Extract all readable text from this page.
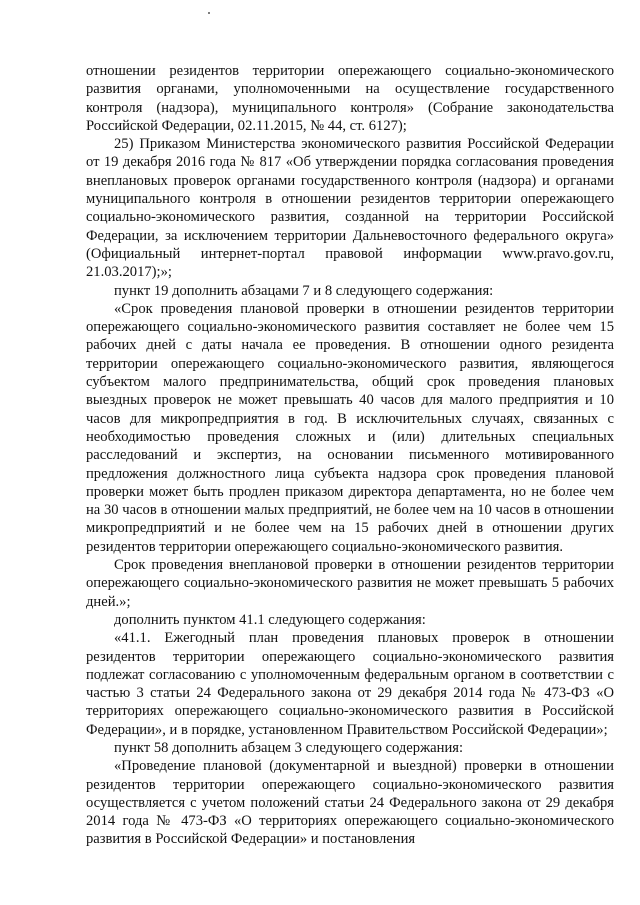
отношении резидентов территории опережающего социально-экономического развития органами, уполномоченными на осуществление государственного контроля (надзора), муниципального контроля» (Собрание законодательства Российской Федерации, 02.11.2015, № 44, ст. 6127);

25) Приказом Министерства экономического развития Российской Федерации от 19 декабря 2016 года № 817 «Об утверждении порядка согласования проведения внеплановых проверок органами государственного контроля (надзора) и органами муниципального контроля в отношении резидентов территории опережающего социально-экономического развития, созданной на территории Российской Федерации, за исключением территории Дальневосточного федерального округа» (Официальный интернет-портал правовой информации www.pravo.gov.ru, 21.03.2017);»;

пункт 19 дополнить абзацами 7 и 8 следующего содержания:

«Срок проведения плановой проверки в отношении резидентов территории опережающего социально-экономического развития составляет не более чем 15 рабочих дней с даты начала ее проведения. В отношении одного резидента территории опережающего социально-экономического развития, являющегося субъектом малого предпринимательства, общий срок проведения плановых выездных проверок не может превышать 40 часов для малого предприятия и 10 часов для микропредприятия в год. В исключительных случаях, связанных с необходимостью проведения сложных и (или) длительных специальных расследований и экспертиз, на основании письменного мотивированного предложения должностного лица субъекта надзора срок проведения плановой проверки может быть продлен приказом директора департамента, но не более чем на 30 часов в отношении малых предприятий, не более чем на 10 часов в отношении микропредприятий и не более чем на 15 рабочих дней в отношении других резидентов территории опережающего социально-экономического развития.

Срок проведения внеплановой проверки в отношении резидентов территории опережающего социально-экономического развития не может превышать 5 рабочих дней.»;

дополнить пунктом 41.1 следующего содержания:

«41.1. Ежегодный план проведения плановых проверок в отношении резидентов территории опережающего социально-экономического развития подлежат согласованию с уполномоченным федеральным органом в соответствии с частью 3 статьи 24 Федерального закона от 29 декабря 2014 года № 473-ФЗ «О территориях опережающего социально-экономического развития в Российской Федерации», и в порядке, установленном Правительством Российской Федерации»;

пункт 58 дополнить абзацем 3 следующего содержания:

«Проведение плановой (документарной и выездной) проверки в отношении резидентов территории опережающего социально-экономического развития осуществляется с учетом положений статьи 24 Федерального закона от 29 декабря 2014 года № 473-ФЗ «О территориях опережающего социально-экономического развития в Российской Федерации» и постановления
